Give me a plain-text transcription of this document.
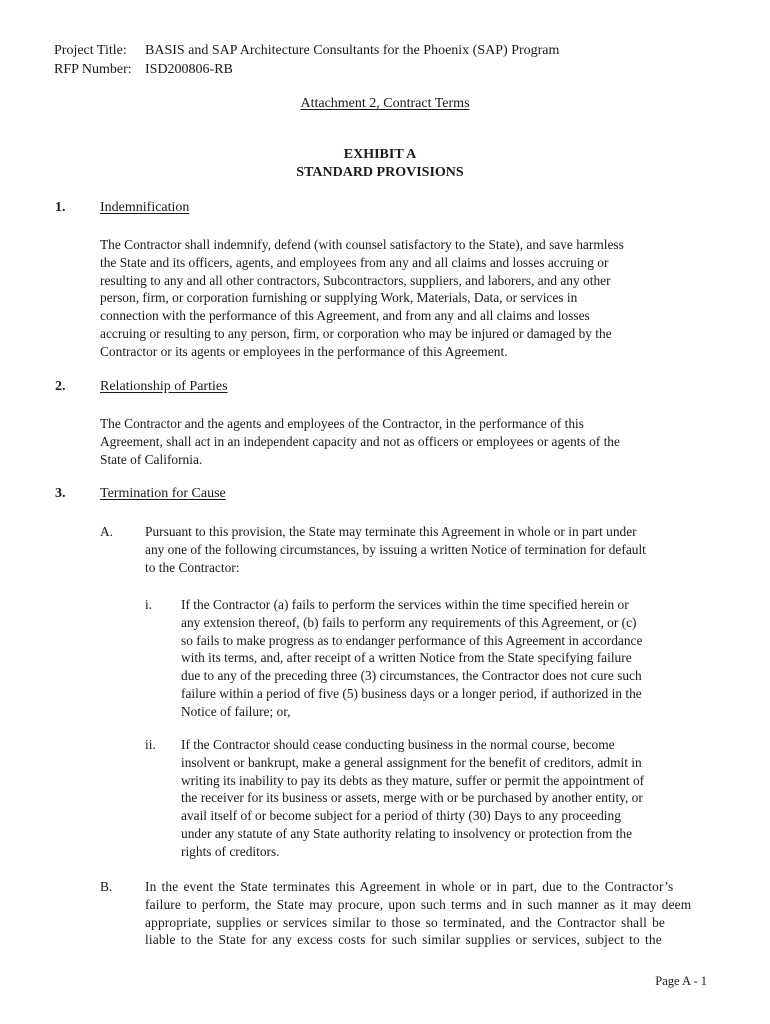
Project Title:	BASIS and SAP Architecture Consultants for the Phoenix (SAP) Program
RFP Number: ISD200806-RB
Attachment 2, Contract Terms
EXHIBIT A
STANDARD PROVISIONS
1. Indemnification
The Contractor shall indemnify, defend (with counsel satisfactory to the State), and save harmless
the State and its officers, agents, and employees from any and all claims and losses accruing or
resulting to any and all other contractors, Subcontractors, suppliers, and laborers, and any other
person, firm, or corporation furnishing or supplying Work, Materials, Data, or services in
connection with the performance of this Agreement, and from any and all claims and losses
accruing or resulting to any person, firm, or corporation who may be injured or damaged by the
Contractor or its agents or employees in the performance of this Agreement.
2. Relationship of Parties
The Contractor and the agents and employees of the Contractor, in the performance of this
Agreement, shall act in an independent capacity and not as officers or employees or agents of the
State of California.
3. Termination for Cause
A. Pursuant to this provision, the State may terminate this Agreement in whole or in part under
any one of the following circumstances, by issuing a written Notice of termination for default
to the Contractor:
i. If the Contractor (a) fails to perform the services within the time specified herein or
any extension thereof, (b) fails to perform any requirements of this Agreement, or (c)
so fails to make progress as to endanger performance of this Agreement in accordance
with its terms, and, after receipt of a written Notice from the State specifying failure
due to any of the preceding three (3) circumstances, the Contractor does not cure such
failure within a period of five (5) business days or a longer period, if authorized in the
Notice of failure; or,
ii. If the Contractor should cease conducting business in the normal course, become
insolvent or bankrupt, make a general assignment for the benefit of creditors, admit in
writing its inability to pay its debts as they mature, suffer or permit the appointment of
the receiver for its business or assets, merge with or be purchased by another entity, or
avail itself of or become subject for a period of thirty (30) Days to any proceeding
under any statute of any State authority relating to insolvency or protection from the
rights of creditors.
B. In the event the State terminates this Agreement in whole or in part, due to the Contractor’s
failure to perform, the State may procure, upon such terms and in such manner as it may deem
appropriate, supplies or services similar to those so terminated, and the Contractor shall be
liable to the State for any excess costs for such similar supplies or services, subject to the
Page A - 1
